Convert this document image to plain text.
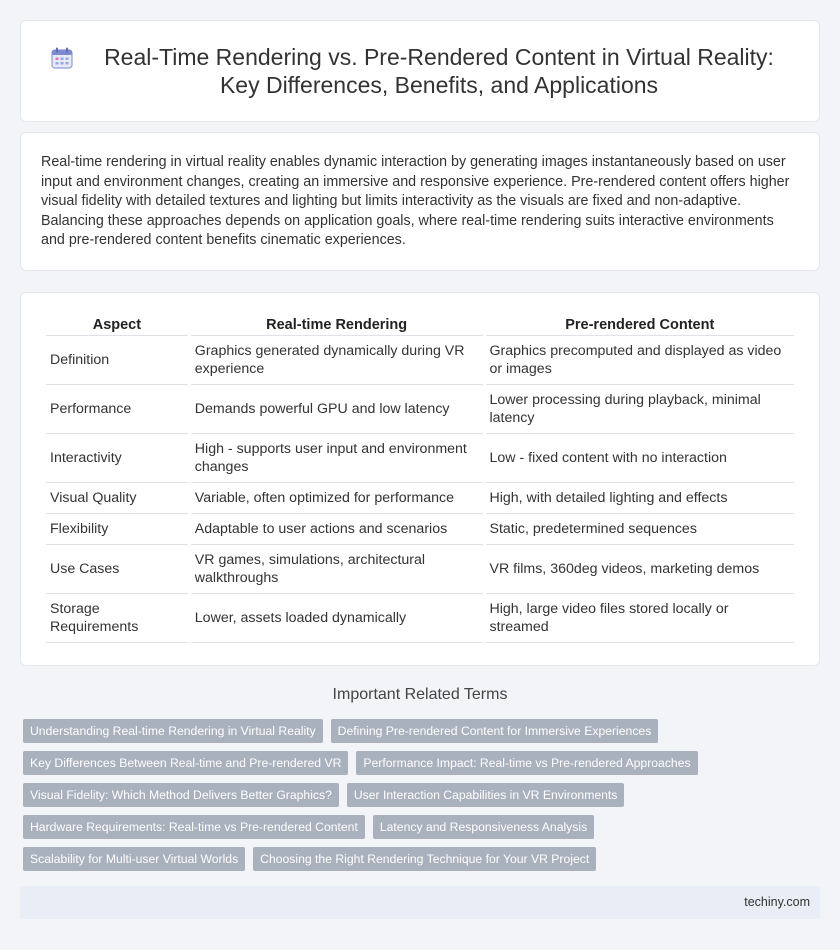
Real-Time Rendering vs. Pre-Rendered Content in Virtual Reality: Key Differences, Benefits, and Applications

Real-time rendering in virtual reality enables dynamic interaction by generating images instantaneously based on user input and environment changes, creating an immersive and responsive experience. Pre-rendered content offers higher visual fidelity with detailed textures and lighting but limits interactivity as the visuals are fixed and non-adaptive. Balancing these approaches depends on application goals, where real-time rendering suits interactive environments and pre-rendered content benefits cinematic experiences.

Aspect	Real-time Rendering	Pre-rendered Content
Definition	Graphics generated dynamically during VR experience	Graphics precomputed and displayed as video or images
Performance	Demands powerful GPU and low latency	Lower processing during playback, minimal latency
Interactivity	High - supports user input and environment changes	Low - fixed content with no interaction
Visual Quality	Variable, often optimized for performance	High, with detailed lighting and effects
Flexibility	Adaptable to user actions and scenarios	Static, predetermined sequences
Use Cases	VR games, simulations, architectural walkthroughs	VR films, 360deg videos, marketing demos
Storage Requirements	Lower, assets loaded dynamically	High, large video files stored locally or streamed
Important Related Terms
Understanding Real-time Rendering in Virtual Reality	Defining Pre-rendered Content for Immersive Experiences
Key Differences Between Real-time and Pre-rendered VR	Performance Impact: Real-time vs Pre-rendered Approaches
Visual Fidelity: Which Method Delivers Better Graphics?	User Interaction Capabilities in VR Environments
Hardware Requirements: Real-time vs Pre-rendered Content	Latency and Responsiveness Analysis
Scalability for Multi-user Virtual Worlds	Choosing the Right Rendering Technique for Your VR Project
techiny.com
